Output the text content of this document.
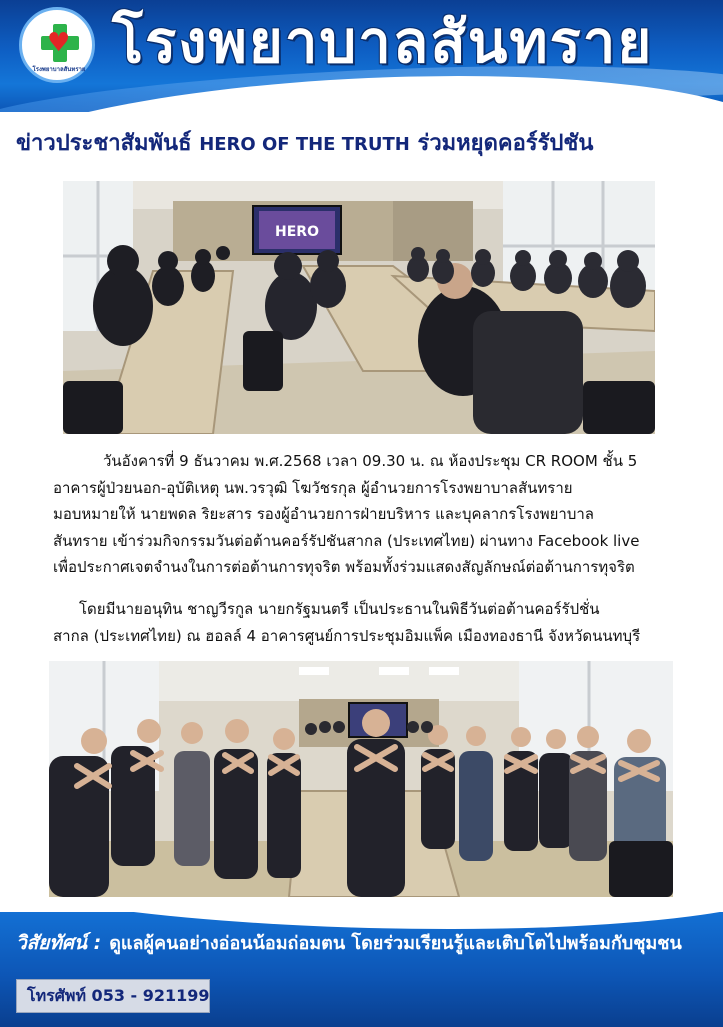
♥
โรงพยาบาลสันทราย โรงพยาบาลสันทราย
ข่าวประชาสัมพันธ์ HERO OF THE TRUTH ร่วมหยุดคอร์รัปชัน
HERO
วันอังคารที่ 9 ธันวาคม พ.ศ.2568 เวลา 09.30 น. ณ ห้องประชุม CR ROOM ชั้น 5
อาคารผู้ป่วยนอก-อุบัติเหตุ นพ.วรวุฒิ โฆวัชรกุล ผู้อำนวยการโรงพยาบาลสันทราย
มอบหมายให้ นายพดล ริยะสาร รองผู้อำนวยการฝ่ายบริหาร และบุคลากรโรงพยาบาล
สันทราย เข้าร่วมกิจกรรมวันต่อต้านคอร์รัปชันสากล (ประเทศไทย) ผ่านทาง Facebook live
เพื่อประกาศเจตจำนงในการต่อต้านการทุจริต พร้อมทั้งร่วมแสดงสัญลักษณ์ต่อต้านการทุจริต
โดยมีนายอนุทิน ชาญวีรกูล นายกรัฐมนตรี เป็นประธานในพิธีวันต่อต้านคอร์รัปชั่น
สากล (ประเทศไทย) ณ ฮอลล์ 4 อาคารศูนย์การประชุมอิมแพ็ค เมืองทองธานี จังหวัดนนทบุรี
วิสัยทัศน์ : ดูแลผู้คนอย่างอ่อนน้อมถ่อมตน โดยร่วมเรียนรู้และเติบโตไปพร้อมกับชุมชน
โทรศัพท์ 053 - 921199
